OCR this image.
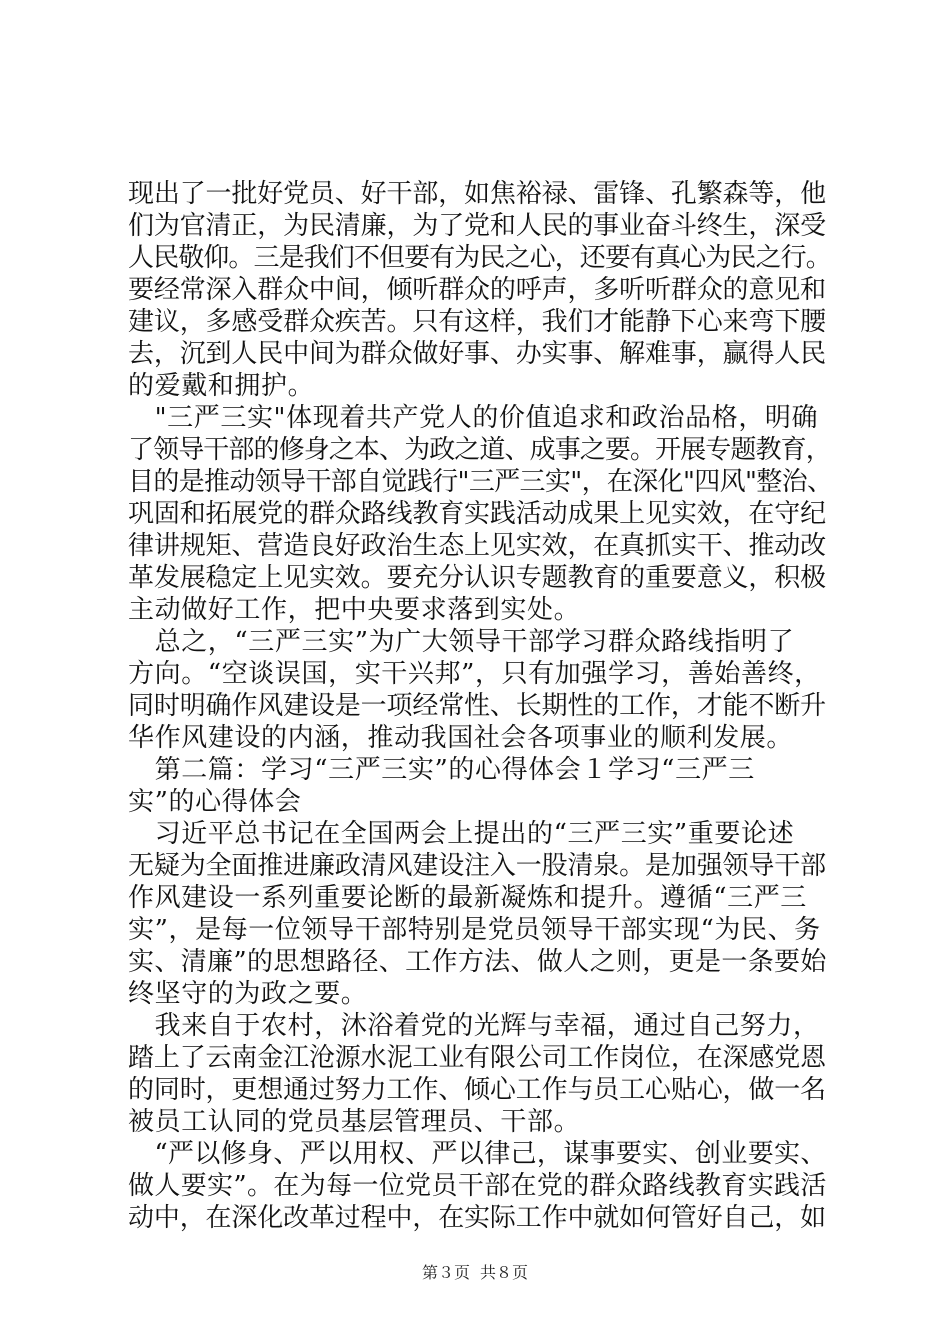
现出了一批好党员、好干部，如焦裕禄、雷锋、孔繁森等，他
们为官清正，为民清廉，为了党和人民的事业奋斗终生，深受
人民敬仰。三是我们不但要有为民之心，还要有真心为民之行。
要经常深入群众中间，倾听群众的呼声，多听听群众的意见和
建议，多感受群众疾苦。只有这样，我们才能静下心来弯下腰
去，沉到人民中间为群众做好事、办实事、解难事，赢得人民
的爱戴和拥护。
　"三严三实"体现着共产党人的价值追求和政治品格，明确
了领导干部的修身之本、为政之道、成事之要。开展专题教育，
目的是推动领导干部自觉践行"三严三实"，在深化"四风"整治、
巩固和拓展党的群众路线教育实践活动成果上见实效，在守纪
律讲规矩、营造良好政治生态上见实效，在真抓实干、推动改
革发展稳定上见实效。要充分认识专题教育的重要意义，积极
主动做好工作，把中央要求落到实处。
　总之，“三严三实”为广大领导干部学习群众路线指明了
方向。“空谈误国，实干兴邦”，只有加强学习，善始善终，
同时明确作风建设是一项经常性、长期性的工作，才能不断升
华作风建设的内涵，推动我国社会各项事业的顺利发展。
　第二篇：学习“三严三实”的心得体会１学习“三严三
实”的心得体会
　习近平总书记在全国两会上提出的“三严三实”重要论述
无疑为全面推进廉政清风建设注入一股清泉。是加强领导干部
作风建设一系列重要论断的最新凝炼和提升。遵循“三严三
实”，是每一位领导干部特别是党员领导干部实现“为民、务
实、清廉”的思想路径、工作方法、做人之则，更是一条要始
终坚守的为政之要。
　我来自于农村，沐浴着党的光辉与幸福，通过自己努力，
踏上了云南金江沧源水泥工业有限公司工作岗位，在深感党恩
的同时，更想通过努力工作、倾心工作与员工心贴心，做一名
被员工认同的党员基层管理员、干部。
　“严以修身、严以用权、严以律己，谋事要实、创业要实、
做人要实”。在为每一位党员干部在党的群众路线教育实践活
动中，在深化改革过程中，在实际工作中就如何管好自己，如
第３页 共８页
